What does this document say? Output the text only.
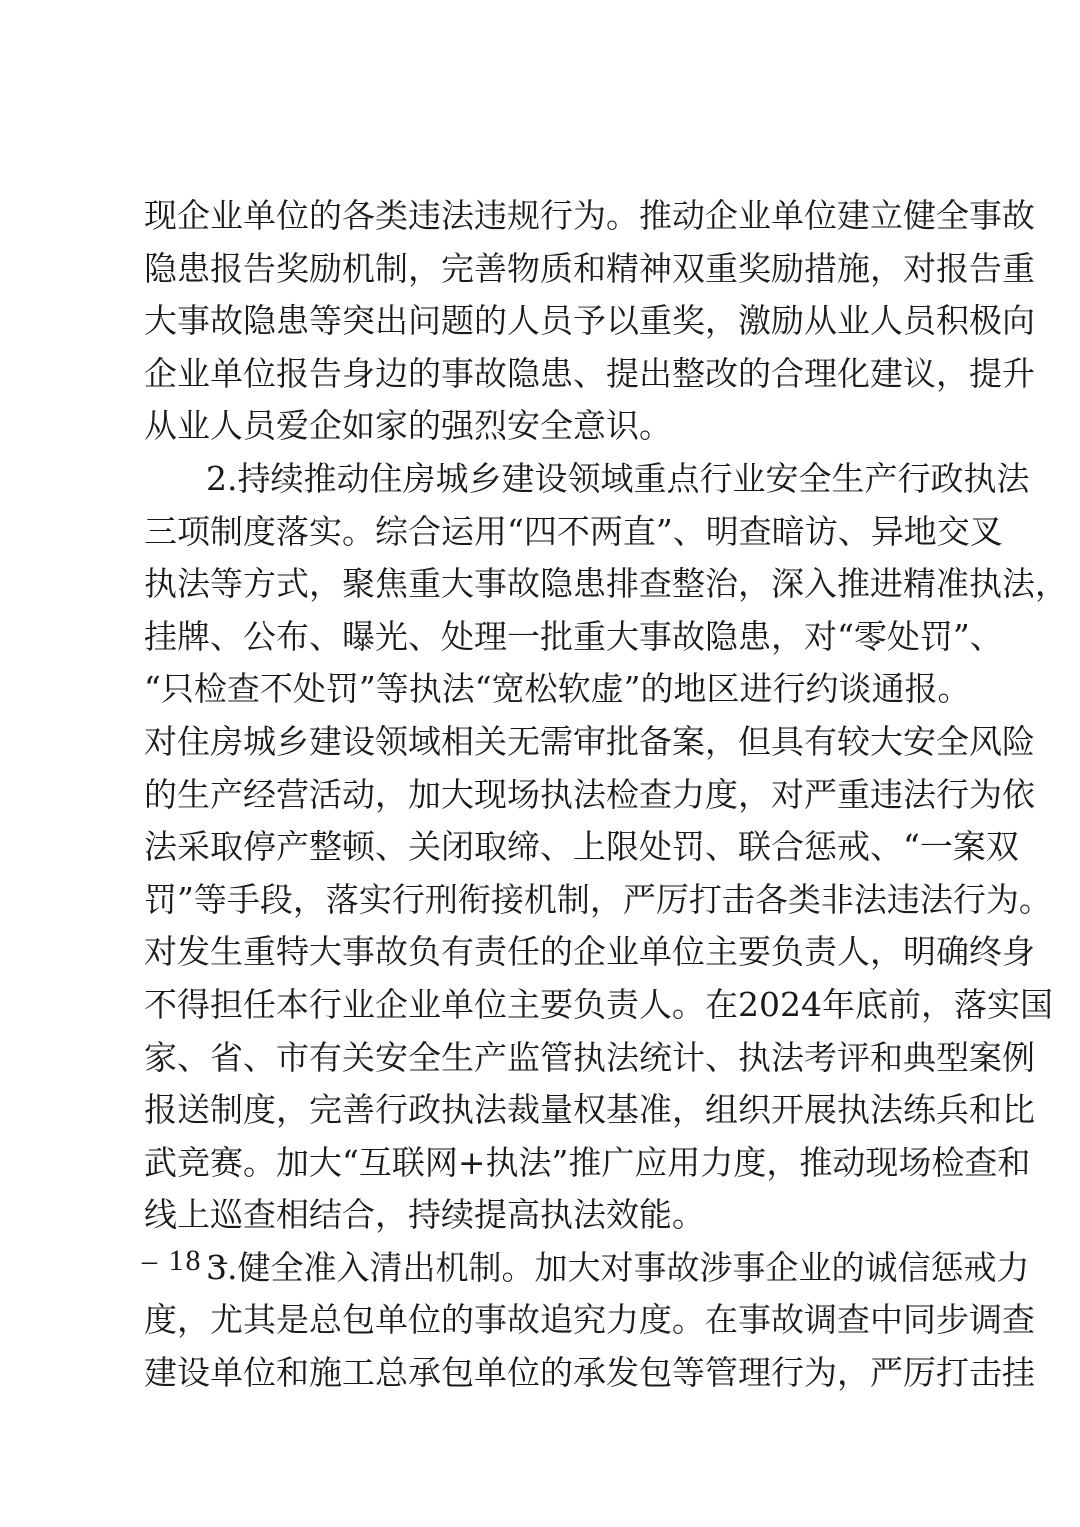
现企业单位的各类违法违规行为。推动企业单位建立健全事故
隐患报告奖励机制，完善物质和精神双重奖励措施，对报告重
大事故隐患等突出问题的人员予以重奖，激励从业人员积极向
企业单位报告身边的事故隐患、提出整改的合理化建议，提升
从业人员爱企如家的强烈安全意识。
2.持续推动住房城乡建设领域重点行业安全生产行政执法
三项制度落实。综合运用“四不两直”、明查暗访、异地交叉
执法等方式，聚焦重大事故隐患排查整治，深入推进精准执法，
挂牌、公布、曝光、处理一批重大事故隐患，对“零处罚”、
“只检查不处罚”等执法“宽松软虚”的地区进行约谈通报。
对住房城乡建设领域相关无需审批备案，但具有较大安全风险
的生产经营活动，加大现场执法检查力度，对严重违法行为依
法采取停产整顿、关闭取缔、上限处罚、联合惩戒、“一案双
罚”等手段，落实行刑衔接机制，严厉打击各类非法违法行为。
对发生重特大事故负有责任的企业单位主要负责人，明确终身
不得担任本行业企业单位主要负责人。在2024年底前，落实国
家、省、市有关安全生产监管执法统计、执法考评和典型案例
报送制度，完善行政执法裁量权基准，组织开展执法练兵和比
武竞赛。加大“互联网+执法”推广应用力度，推动现场检查和
线上巡查相结合，持续提高执法效能。
3.健全准入清出机制。加大对事故涉事企业的诚信惩戒力
度，尤其是总包单位的事故追究力度。在事故调查中同步调查
建设单位和施工总承包单位的承发包等管理行为，严厉打击挂
– 18 –
